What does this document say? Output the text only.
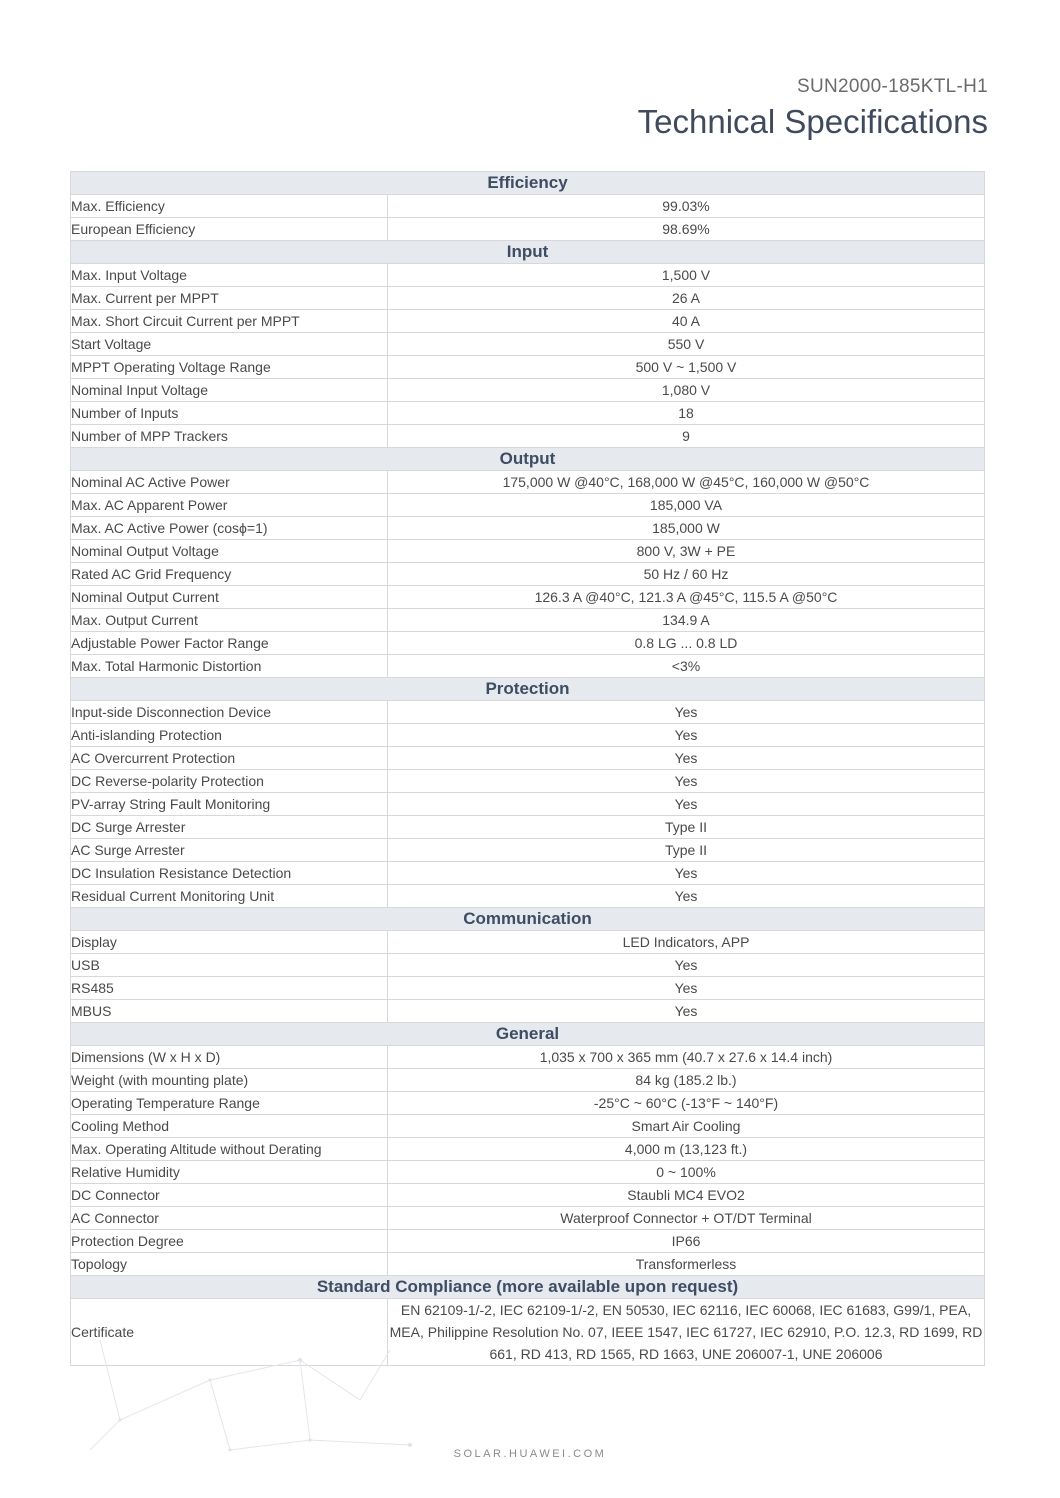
SUN2000-185KTL-H1
Technical Specifications
Efficiency	
Max. Efficiency	99.03%
European Efficiency	98.69%
Input	
Max. Input Voltage	1,500 V
Max. Current per MPPT	26 A
Max. Short Circuit Current per MPPT	40 A
Start Voltage	550 V
MPPT Operating Voltage Range	500 V ~ 1,500 V
Nominal Input Voltage	1,080 V
Number of Inputs	18
Number of MPP Trackers	9
Output	
Nominal AC Active Power	175,000 W @40°C, 168,000 W @45°C, 160,000 W @50°C
Max. AC Apparent Power	185,000 VA
Max. AC Active Power (cosϕ=1)	185,000 W
Nominal Output Voltage	800 V, 3W + PE
Rated AC Grid Frequency	50 Hz / 60 Hz
Nominal Output Current	126.3 A @40°C, 121.3 A @45°C, 115.5 A @50°C
Max. Output Current	134.9 A
Adjustable Power Factor Range	0.8 LG ... 0.8 LD
Max. Total Harmonic Distortion	<3%
Protection	
Input-side Disconnection Device	Yes
Anti-islanding Protection	Yes
AC Overcurrent Protection	Yes
DC Reverse-polarity Protection	Yes
PV-array String Fault Monitoring	Yes
DC Surge Arrester	Type II
AC Surge Arrester	Type II
DC Insulation Resistance Detection	Yes
Residual Current Monitoring Unit	Yes
Communication	
Display	LED Indicators, APP
USB	Yes
RS485	Yes
MBUS	Yes
General	
Dimensions (W x H x D)	1,035 x 700 x 365 mm (40.7 x 27.6 x 14.4 inch)
Weight (with mounting plate)	84 kg (185.2 lb.)
Operating Temperature Range	-25°C ~ 60°C (-13°F ~ 140°F)
Cooling Method	Smart Air Cooling
Max. Operating Altitude without Derating	4,000 m (13,123 ft.)
Relative Humidity	0 ~ 100%
DC Connector	Staubli MC4 EVO2
AC Connector	Waterproof Connector + OT/DT Terminal
Protection Degree	IP66
Topology	Transformerless
Standard Compliance (more available upon request)	
Certificate	EN 62109-1/-2, IEC 62109-1/-2, EN 50530, IEC 62116, IEC 60068, IEC 61683, G99/1, PEA, MEA, Philippine Resolution No. 07, IEEE 1547, IEC 61727, IEC 62910, P.O. 12.3, RD 1699, RD 661, RD 413, RD 1565, RD 1663, UNE 206007-1, UNE 206006
SOLAR.HUAWEI.COM
